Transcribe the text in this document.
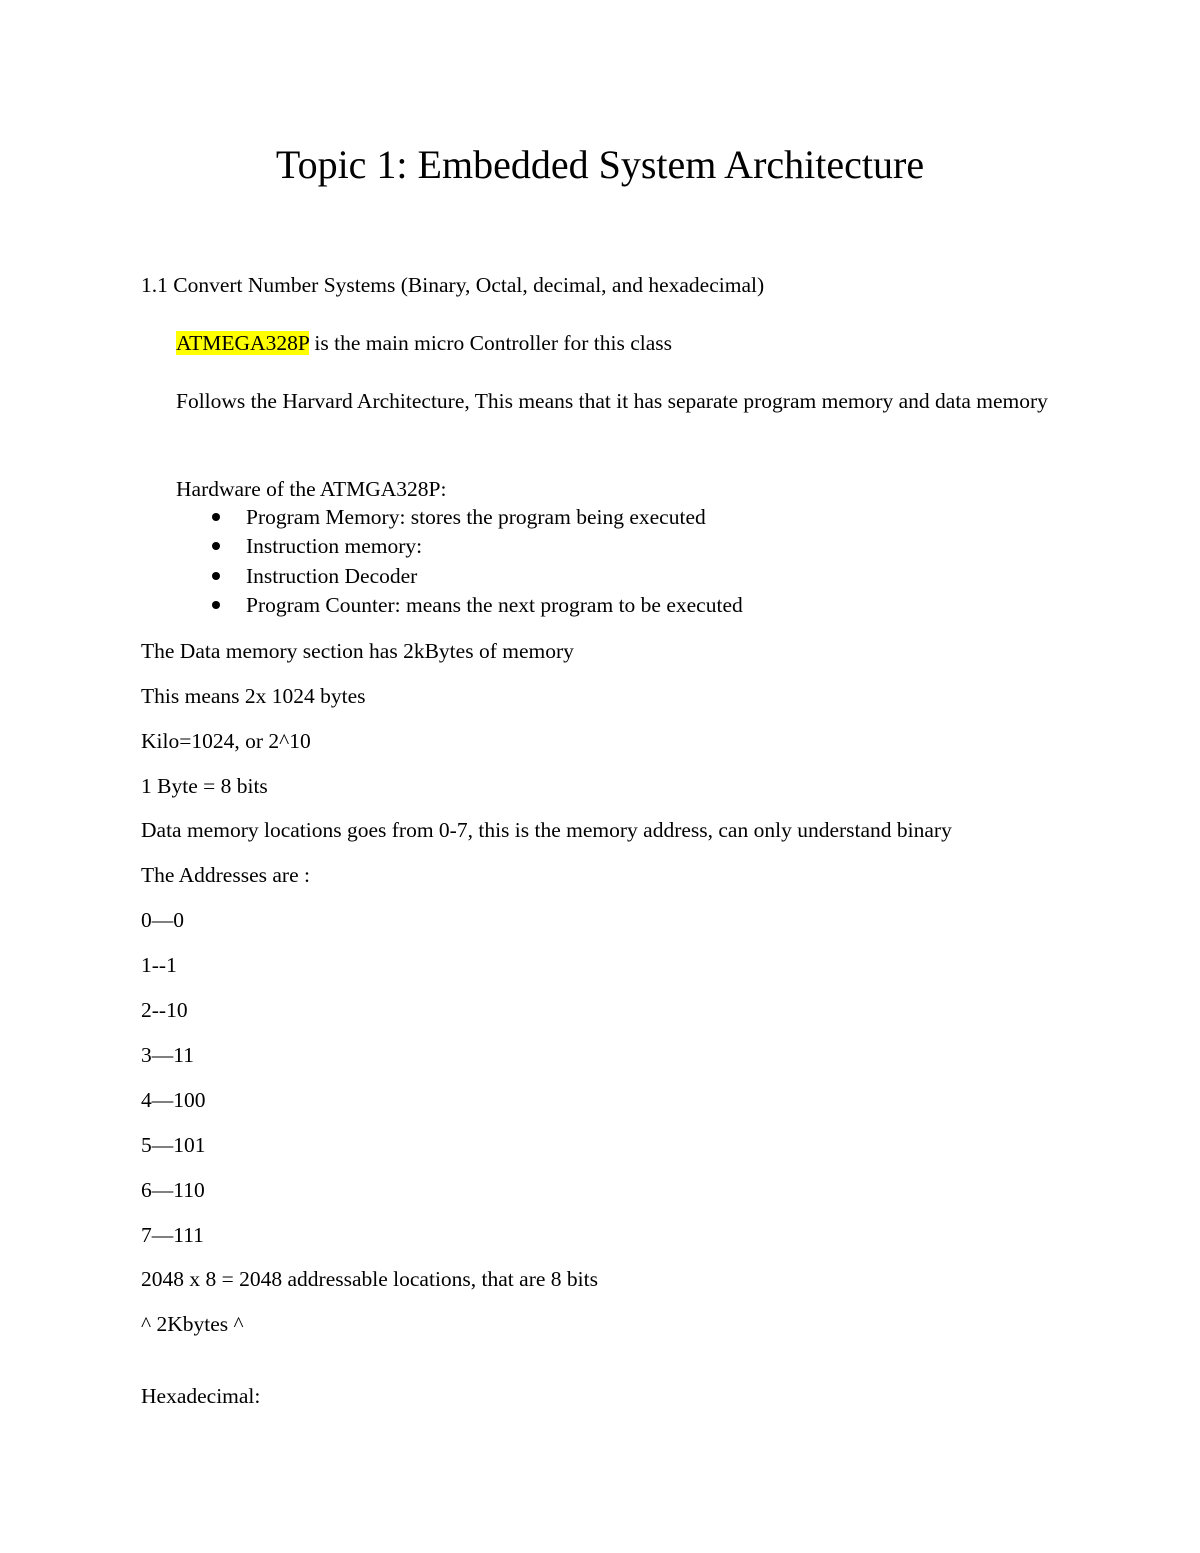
Topic 1: Embedded System Architecture
1.1 Convert Number Systems (Binary, Octal, decimal, and hexadecimal)
ATMEGA328P is the main micro Controller for this class
Follows the Harvard Architecture, This means that it has separate program memory and data memory
Hardware of the ATMGA328P:
Program Memory: stores the program being executed
Instruction memory:
Instruction Decoder
Program Counter: means the next program to be executed
The Data memory section has 2kBytes of memory
This means 2x 1024 bytes
Kilo=1024, or 2^10
1 Byte = 8 bits
Data memory locations goes from 0-7, this is the memory address, can only understand binary
The Addresses are :
0—0
1--1
2--10
3—11
4—100
5—101
6—110
7—111
2048 x 8 = 2048 addressable locations, that are 8 bits
^ 2Kbytes ^
Hexadecimal:
